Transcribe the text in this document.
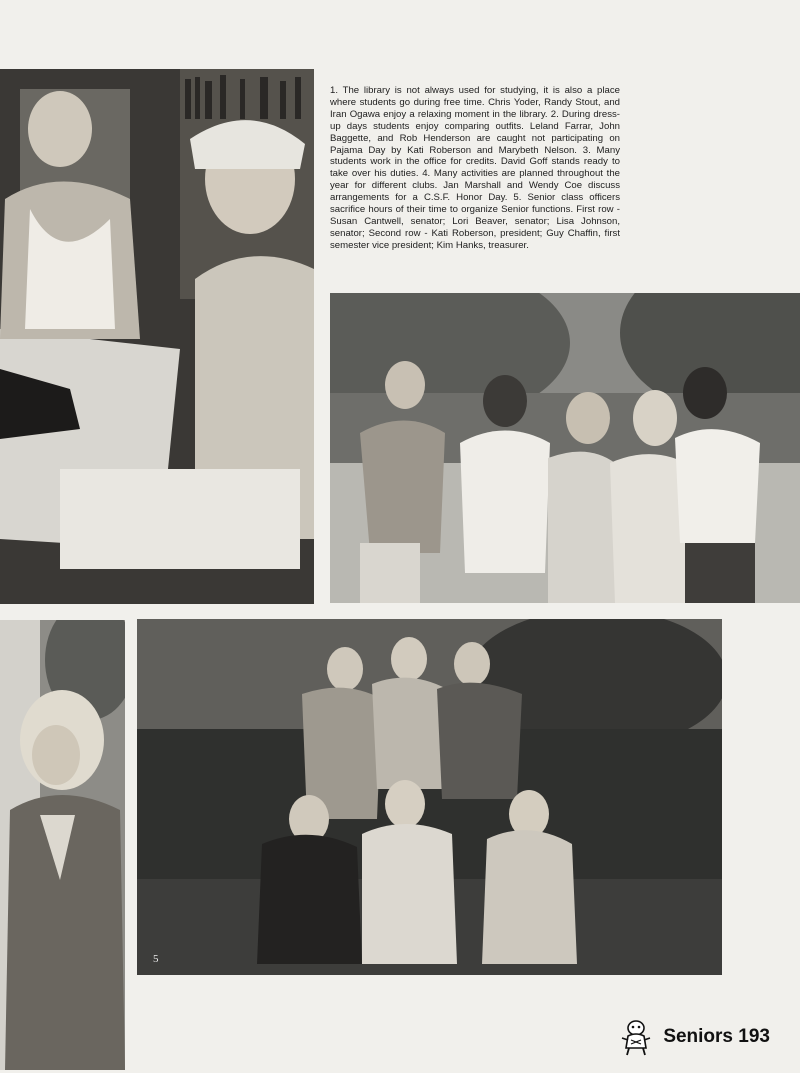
1. The library is not always used for studying, it is also a place where students go during free time. Chris Yoder, Randy Stout, and Iran Ogawa enjoy a relaxing moment in the library. 2. During dress-up days students enjoy comparing outfits. Leland Farrar, John Baggette, and Rob Henderson are caught not participating on Pajama Day by Kati Roberson and Marybeth Nelson. 3. Many students work in the office for credits. David Goff stands ready to take over his duties. 4. Many activities are planned throughout the year for different clubs. Jan Marshall and Wendy Coe discuss arrangements for a C.S.F. Honor Day. 5. Senior class officers sacrifice hours of their time to organize Senior functions. First row - Susan Cantwell, senator; Lori Beaver, senator; Lisa Johnson, senator; Second row - Kati Roberson, president; Guy Chaffin, first semester vice president; Kim Hanks, treasurer.

5
Seniors 193
